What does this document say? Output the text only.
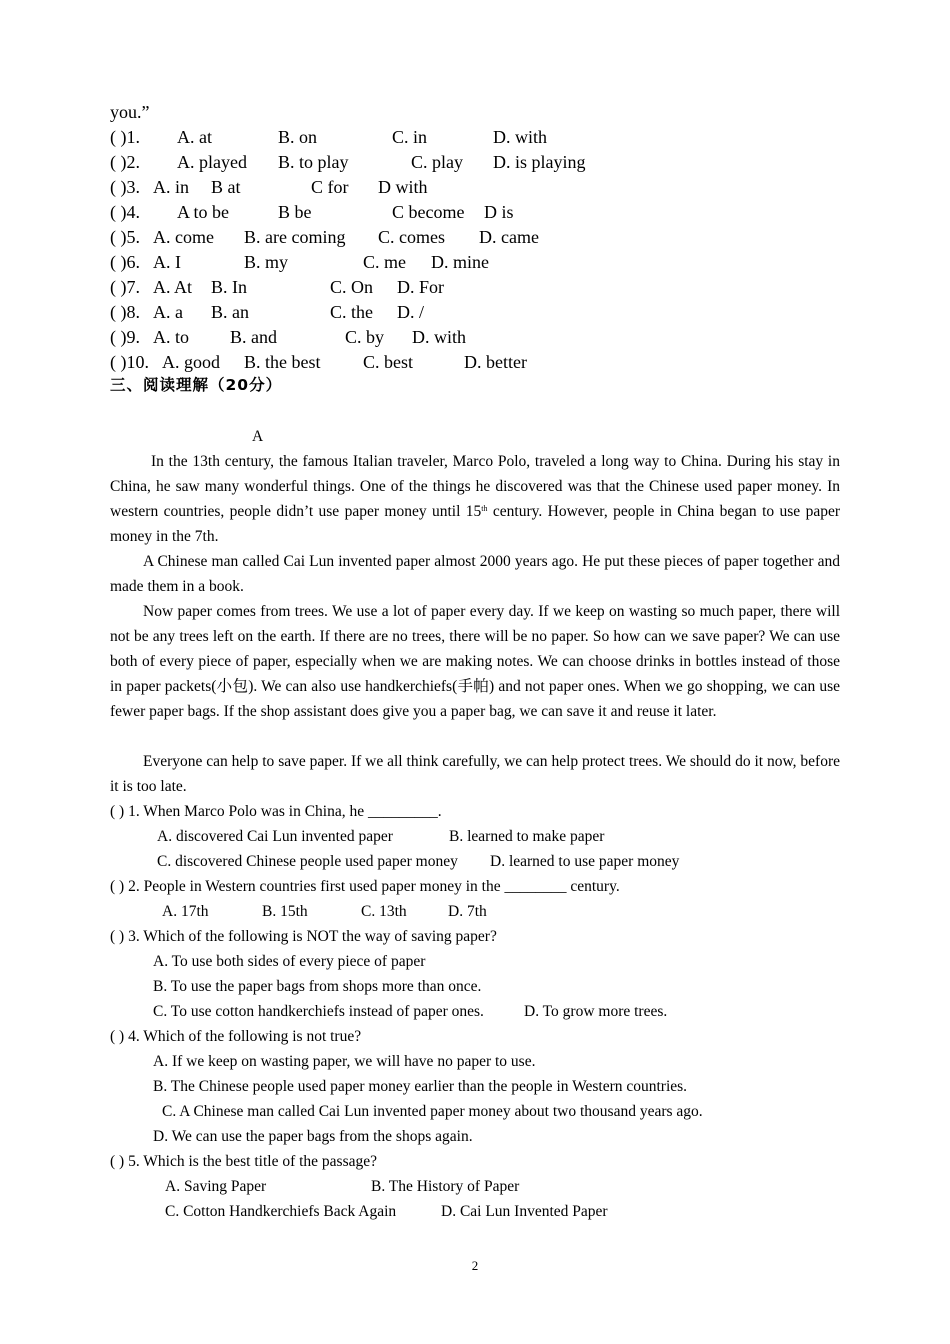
you.”
( )1. A. at	B. on	C. in	D. with
( )2. A. played B. to play	C. play D. is playing
( )3. A. in B at	C for D with
( )4. A to be	B be	C become D is
( )5. A. come B. are coming C. comes D. came
( )6. A. I	B. my	C. me D. mine
( )7. A. At B. In	C. On D. For
( )8. A. a B. an	C. the D. /
( )9. A. to B. and	C. by D. with
( )10. A. good B. the best C. best	D. better
三、阅读理解（20分）
A
In the 13th century, the famous Italian traveler, Marco Polo, traveled a long way to China. During his stay in China, he saw many wonderful things. One of the things he discovered was that the Chinese used paper money. In western countries, people didn’t use paper money until 15th century. However, people in China began to use paper money in the 7th.
A Chinese man called Cai Lun invented paper almost 2000 years ago. He put these pieces of paper together and made them in a book.
Now paper comes from trees. We use a lot of paper every day. If we keep on wasting so much paper, there will not be any trees left on the earth. If there are no trees, there will be no paper. So how can we save paper? We can use both of every piece of paper, especially when we are making notes. We can choose drinks in bottles instead of those in paper packets(小包). We can also use handkerchiefs(手帕) and not paper ones. When we go shopping, we can use fewer paper bags. If the shop assistant does give you a paper bag, we can save it and reuse it later.
Everyone can help to save paper. If we all think carefully, we can help protect trees. We should do it now, before it is too late.
( ) 1. When Marco Polo was in China, he _________.
A. discovered Cai Lun invented paper	B. learned to make paper
C. discovered Chinese people used paper money D. learned to use paper money
( ) 2. People in Western countries first used paper money in the ________ century.
A. 17th	B. 15th	C. 13th	D. 7th
( ) 3. Which of the following is NOT the way of saving paper?
A. To use both sides of every piece of paper
B. To use the paper bags from shops more than once.
C. To use cotton handkerchiefs instead of paper ones.	D. To grow more trees.
( ) 4. Which of the following is not true?
A. If we keep on wasting paper, we will have no paper to use.
B. The Chinese people used paper money earlier than the people in Western countries.
C. A Chinese man called Cai Lun invented paper money about two thousand years ago.
D. We can use the paper bags from the shops again.
( ) 5. Which is the best title of the passage?
A. Saving Paper	B. The History of Paper
C. Cotton Handkerchiefs Back Again	D. Cai Lun Invented Paper
2
